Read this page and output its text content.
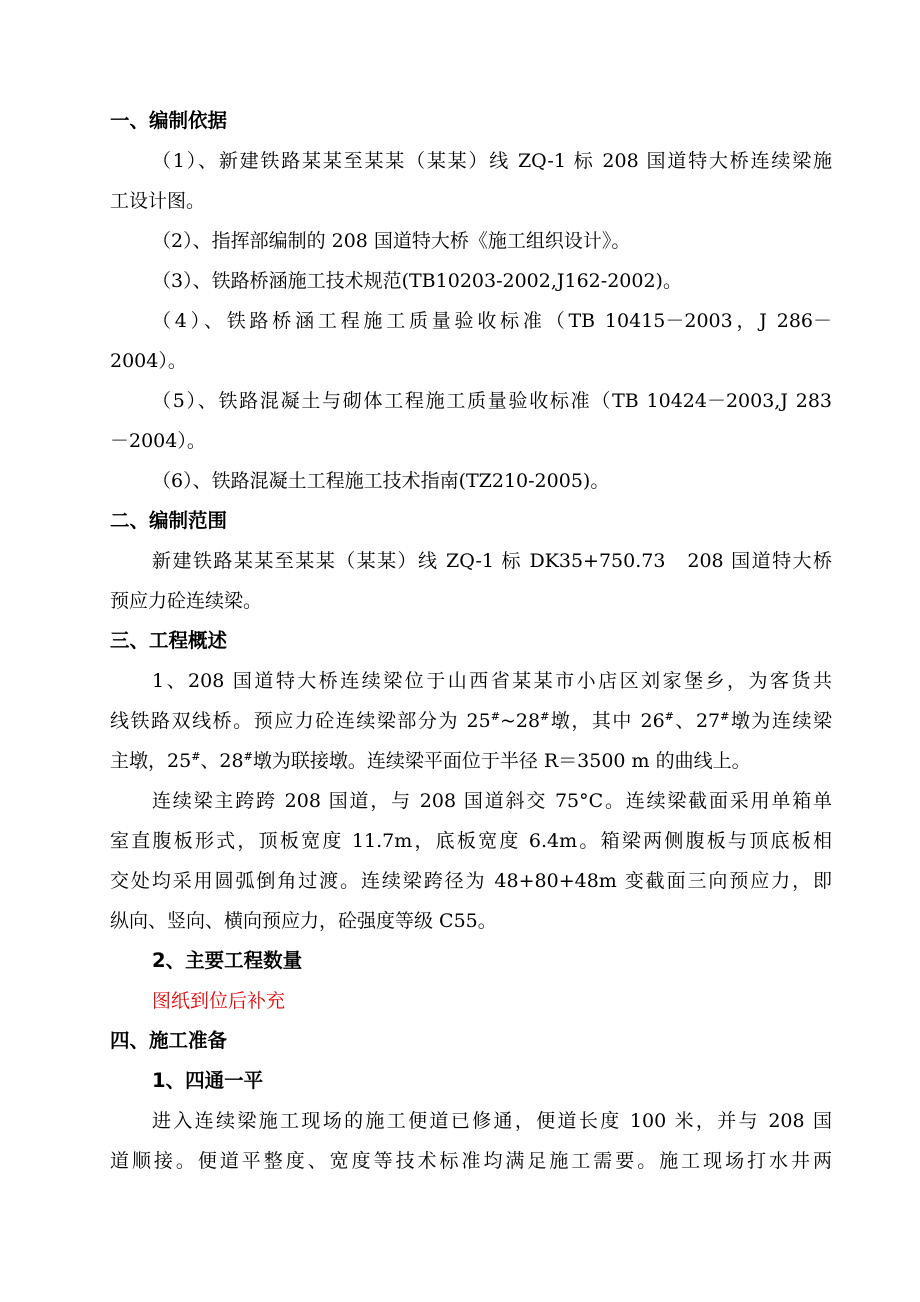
一、编制依据
（1）、新建铁路某某至某某（某某）线 ZQ-1 标 208 国道特大桥连续梁施
工设计图。
（2）、指挥部编制的 208 国道特大桥《施工组织设计》。
（3）、铁路桥涵施工技术规范(TB10203-2002,J162-2002)。
（4）、铁路桥涵工程施工质量验收标准（TB 10415－2003，J 286－
2004）。
（5）、铁路混凝土与砌体工程施工质量验收标准（TB 10424－2003,J 283
－2004）。
（6）、铁路混凝土工程施工技术指南(TZ210-2005)。
二、编制范围
新建铁路某某至某某（某某）线 ZQ-1 标 DK35+750.73　208 国道特大桥
预应力砼连续梁。
三、工程概述
1、208 国道特大桥连续梁位于山西省某某市小店区刘家堡乡，为客货共
线铁路双线桥。预应力砼连续梁部分为 25#~28#墩，其中 26#、27#墩为连续梁
主墩，25#、28#墩为联接墩。连续梁平面位于半径 R＝3500 m 的曲线上。
连续梁主跨跨 208 国道，与 208 国道斜交 75°C。连续梁截面采用单箱单
室直腹板形式，顶板宽度 11.7m，底板宽度 6.4m。箱梁两侧腹板与顶底板相
交处均采用圆弧倒角过渡。连续梁跨径为 48+80+48m 变截面三向预应力，即
纵向、竖向、横向预应力，砼强度等级 C55。
2、主要工程数量
图纸到位后补充
四、施工准备
1、四通一平
进入连续梁施工现场的施工便道已修通，便道长度 100 米，并与 208 国
道顺接。便道平整度、宽度等技术标准均满足施工需要。施工现场打水井两
